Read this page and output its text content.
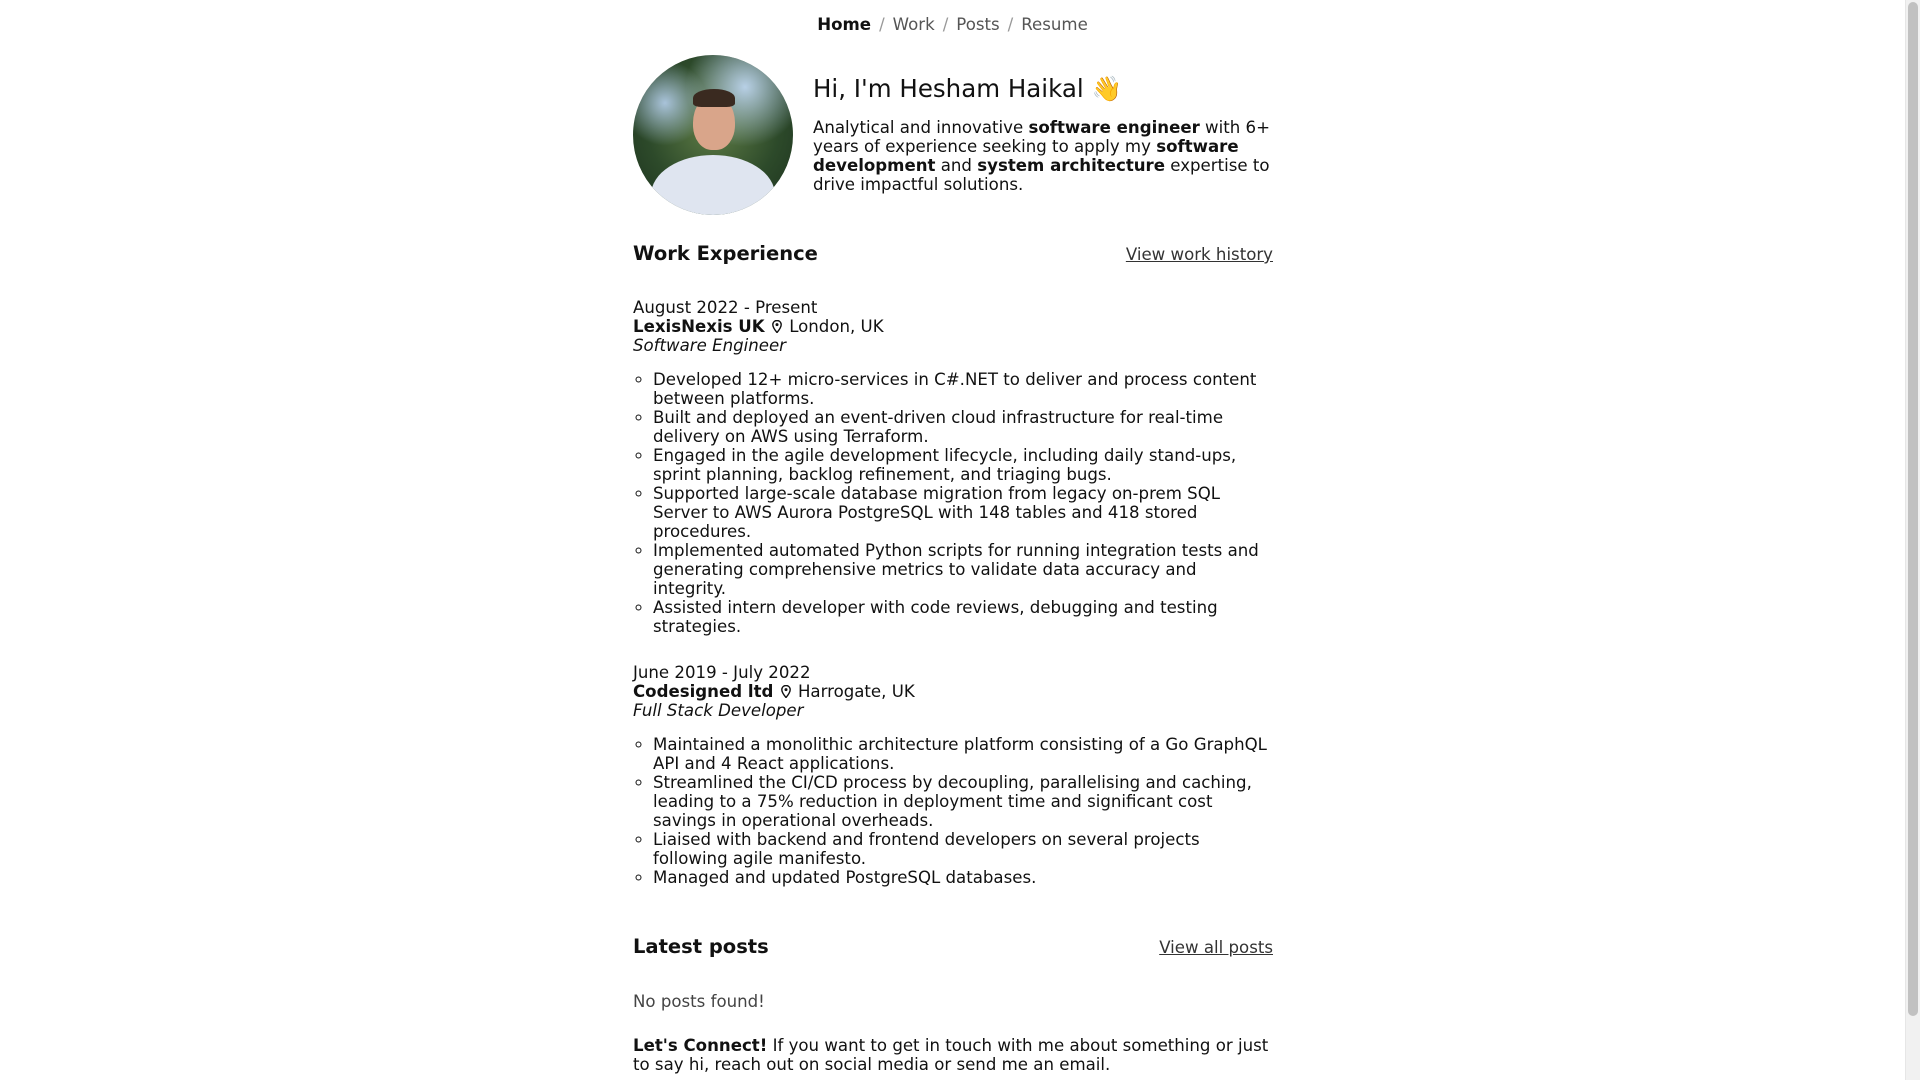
Home / Work / Posts / Resume
Hi, I'm Hesham Haikal 👋

Analytical and innovative software engineer with 6+ years of experience seeking to apply my software development and system architecture expertise to drive impactful solutions.

Work Experience	View work history
August 2022 - Present
LexisNexis UK London, UK
Software Engineer
◦ Developed 12+ micro-services in C#.NET to deliver and process content between platforms.
◦ Built and deployed an event-driven cloud infrastructure for real-time delivery on AWS using Terraform.
◦ Engaged in the agile development lifecycle, including daily stand-ups, sprint planning, backlog refinement, and triaging bugs.
◦ Supported large-scale database migration from legacy on-prem SQL Server to AWS Aurora PostgreSQL with 148 tables and 418 stored procedures.
◦ Implemented automated Python scripts for running integration tests and generating comprehensive metrics to validate data accuracy and integrity.
◦ Assisted intern developer with code reviews, debugging and testing strategies.
June 2019 - July 2022
Codesigned ltd Harrogate, UK
Full Stack Developer
◦ Maintained a monolithic architecture platform consisting of a Go GraphQL API and 4 React applications.
◦ Streamlined the CI/CD process by decoupling, parallelising and caching, leading to a 75% reduction in deployment time and significant cost savings in operational overheads.
◦ Liaised with backend and frontend developers on several projects following agile manifesto.
◦ Managed and updated PostgreSQL databases.
Latest posts	View all posts
No posts found!

Let's Connect! If you want to get in touch with me about something or just to say hi, reach out on social media or send me an email.
